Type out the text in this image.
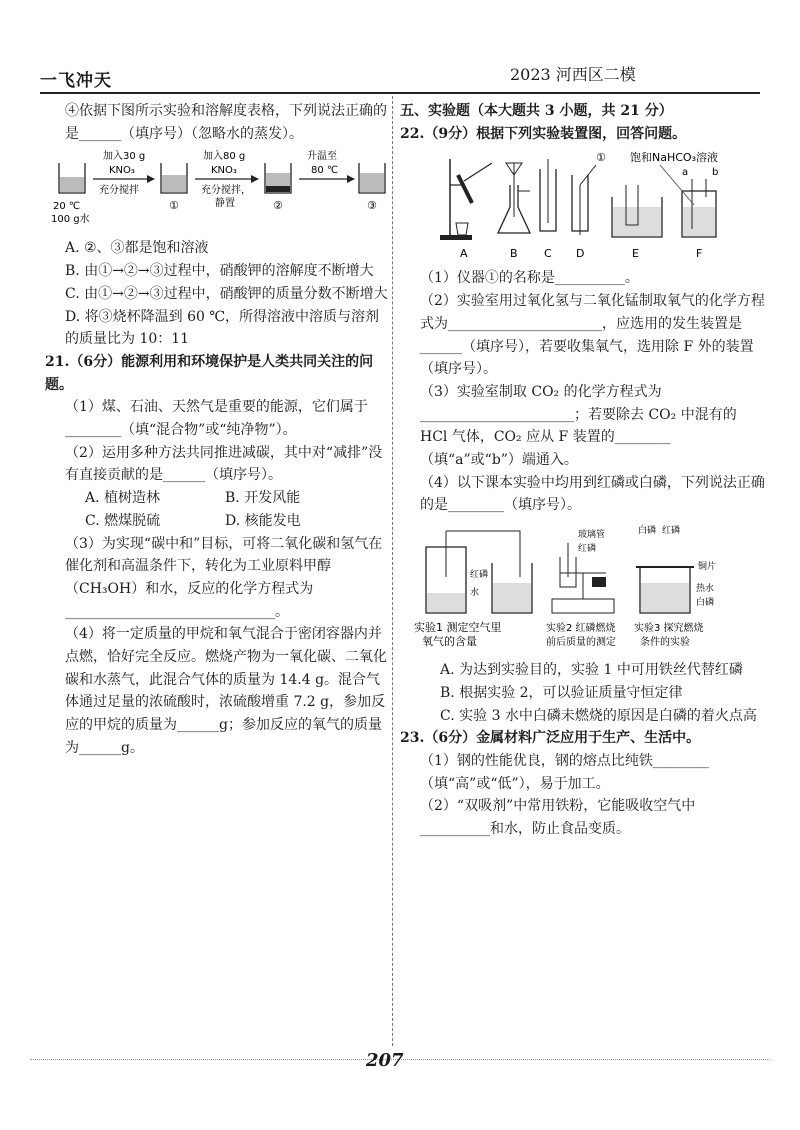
一飞冲天	2023 河西区二模

④依据下图所示实验和溶解度表格，下列说法正确的是______（填序号）（忽略水的蒸发）。

20 ℃
100 g水
加入30 g
KNO₃
充分搅拌
①
加入80 g
KNO₃
充分搅拌，
静置	②
升温至
80 ℃
③

A. ②、③都是饱和溶液

B. 由①→②→③过程中，硝酸钾的溶解度不断增大

C. 由①→②→③过程中，硝酸钾的质量分数不断增大

D. 将③烧杯降温到 60 ℃，所得溶液中溶质与溶剂的质量比为 10：11

21.（6分）能源利用和环境保护是人类共同关注的问题。

（1）煤、石油、天然气是重要的能源，它们属于________（填“混合物”或“纯净物”）。

（2）运用多种方法共同推进减碳，其中对“减排”没有直接贡献的是______（填序号）。

A. 植树造林	B. 开发风能
C. 燃煤脱硫	D. 核能发电

（3）为实现“碳中和”目标，可将二氧化碳和氢气在催化剂和高温条件下，转化为工业原料甲醇（CH₃OH）和水，反应的化学方程式为______________________________。

（4）将一定质量的甲烷和氧气混合于密闭容器内并点燃，恰好完全反应。燃烧产物为一氧化碳、二氧化碳和水蒸气，此混合气体的质量为 14.4 g。混合气体通过足量的浓硫酸时，浓硫酸增重 7.2 g，参加反应的甲烷的质量为______g；参加反应的氧气的质量为______g。

五、实验题（本大题共 3 小题，共 21 分）

22.（9分）根据下列实验装置图，回答问题。

①
a b
饱和NaHCO₃溶液
A	B C D	E	F

（1）仪器①的名称是__________。

（2）实验室用过氧化氢与二氧化锰制取氧气的化学方程式为______________________，应选用的发生装置是______（填序号），若要收集氧气，选用除 F 外的装置（填序号）。

（3）实验室制取 CO₂ 的化学方程式为______________________；若要除去 CO₂ 中混有的 HCl 气体，CO₂ 应从 F 装置的________（填“a”或“b”）端通入。

（4）以下课本实验中均用到红磷或白磷，下列说法正确的是________（填序号）。

红磷
水
实验1 测定空气里
氧气的含量
玻璃管
红磷
实验2 红磷燃烧
前后质量的测定
白磷 红磷
铜片
热水
白磷
实验3 探究燃烧
条件的实验

A. 为达到实验目的，实验 1 中可用铁丝代替红磷

B. 根据实验 2，可以验证质量守恒定律

C. 实验 3 水中白磷未燃烧的原因是白磷的着火点高

23.（6分）金属材料广泛应用于生产、生活中。

（1）钢的性能优良，钢的熔点比纯铁________（填“高”或“低”），易于加工。

（2）“双吸剂”中常用铁粉，它能吸收空气中__________和水，防止食品变质。

207
